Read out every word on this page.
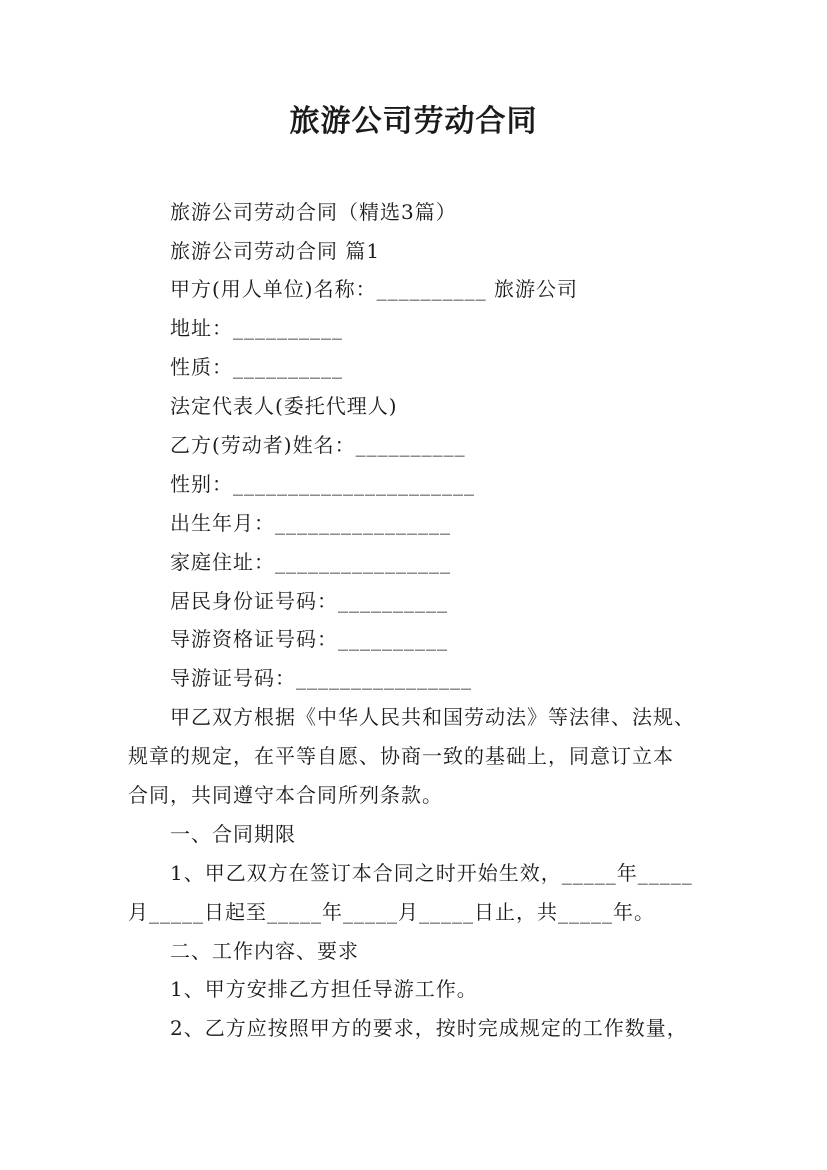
旅游公司劳动合同
旅游公司劳动合同（精选3篇）
旅游公司劳动合同 篇1
甲方(用人单位)名称：__________ 旅游公司
地址：__________
性质：__________
法定代表人(委托代理人)
乙方(劳动者)姓名：__________
性别：______________________
出生年月：________________
家庭住址：________________
居民身份证号码：__________
导游资格证号码：__________
导游证号码：________________
甲乙双方根据《中华人民共和国劳动法》等法律、法规、
规章的规定，在平等自愿、协商一致的基础上，同意订立本
合同，共同遵守本合同所列条款。
一、合同期限
1、甲乙双方在签订本合同之时开始生效，_____年_____
月_____日起至_____年_____月_____日止，共_____年。
二、工作内容、要求
1、甲方安排乙方担任导游工作。
2、乙方应按照甲方的要求，按时完成规定的工作数量，
